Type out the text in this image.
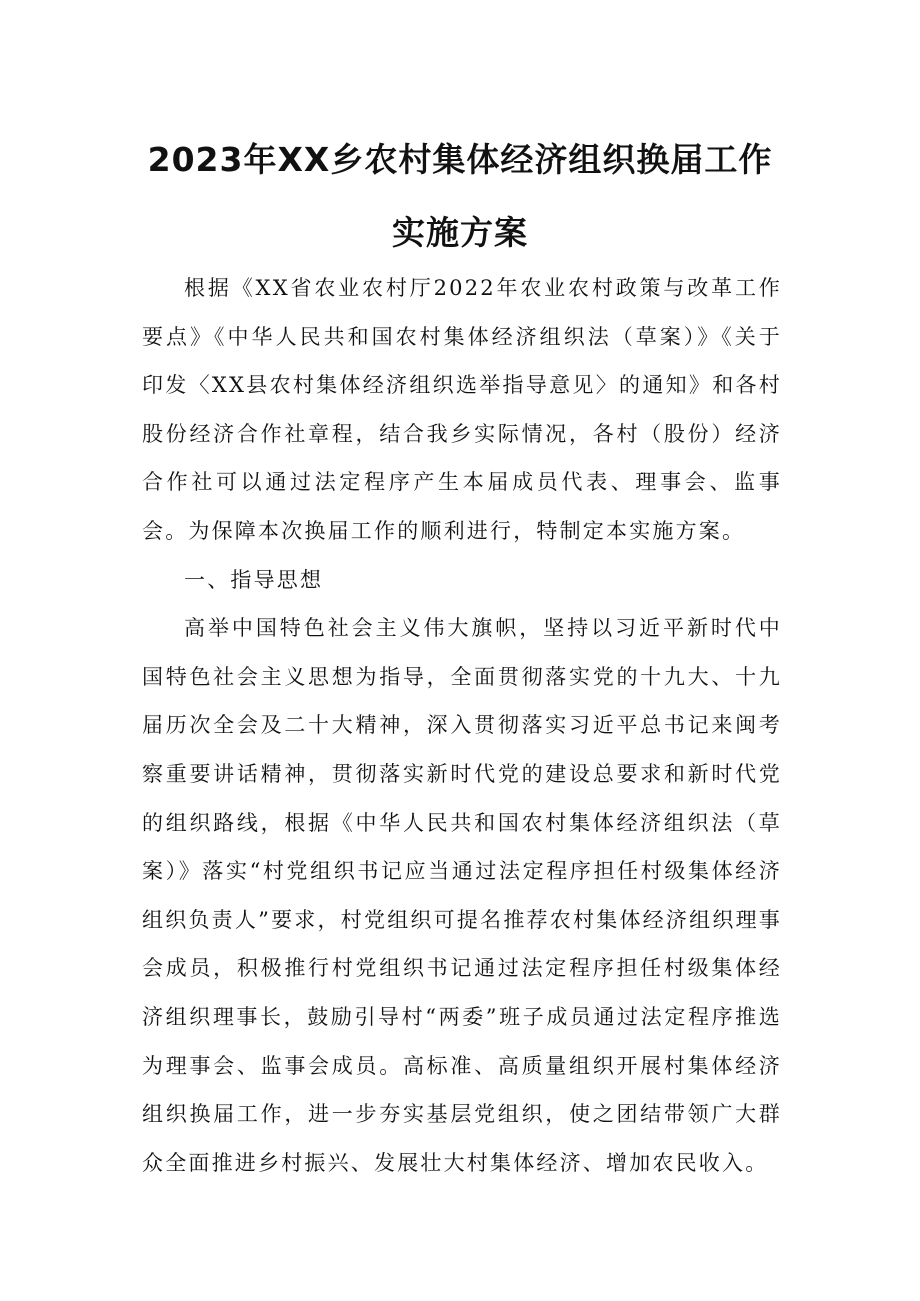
2023年XX乡农村集体经济组织换届工作
实施方案

根据《XX省农业农村厅2022年农业农村政策与改革工作要点》《中华人民共和国农村集体经济组织法（草案）》《关于印发〈XX县农村集体经济组织选举指导意见〉的通知》和各村股份经济合作社章程，结合我乡实际情况，各村（股份）经济合作社可以通过法定程序产生本届成员代表、理事会、监事会。为保障本次换届工作的顺利进行，特制定本实施方案。

一、指导思想

高举中国特色社会主义伟大旗帜，坚持以习近平新时代中国特色社会主义思想为指导，全面贯彻落实党的十九大、十九届历次全会及二十大精神，深入贯彻落实习近平总书记来闽考察重要讲话精神，贯彻落实新时代党的建设总要求和新时代党的组织路线，根据《中华人民共和国农村集体经济组织法（草案）》落实“村党组织书记应当通过法定程序担任村级集体经济组织负责人”要求，村党组织可提名推荐农村集体经济组织理事会成员，积极推行村党组织书记通过法定程序担任村级集体经济组织理事长，鼓励引导村“两委”班子成员通过法定程序推选为理事会、监事会成员。高标准、高质量组织开展村集体经济组织换届工作，进一步夯实基层党组织，使之团结带领广大群众全面推进乡村振兴、发展壮大村集体经济、增加农民收入。
